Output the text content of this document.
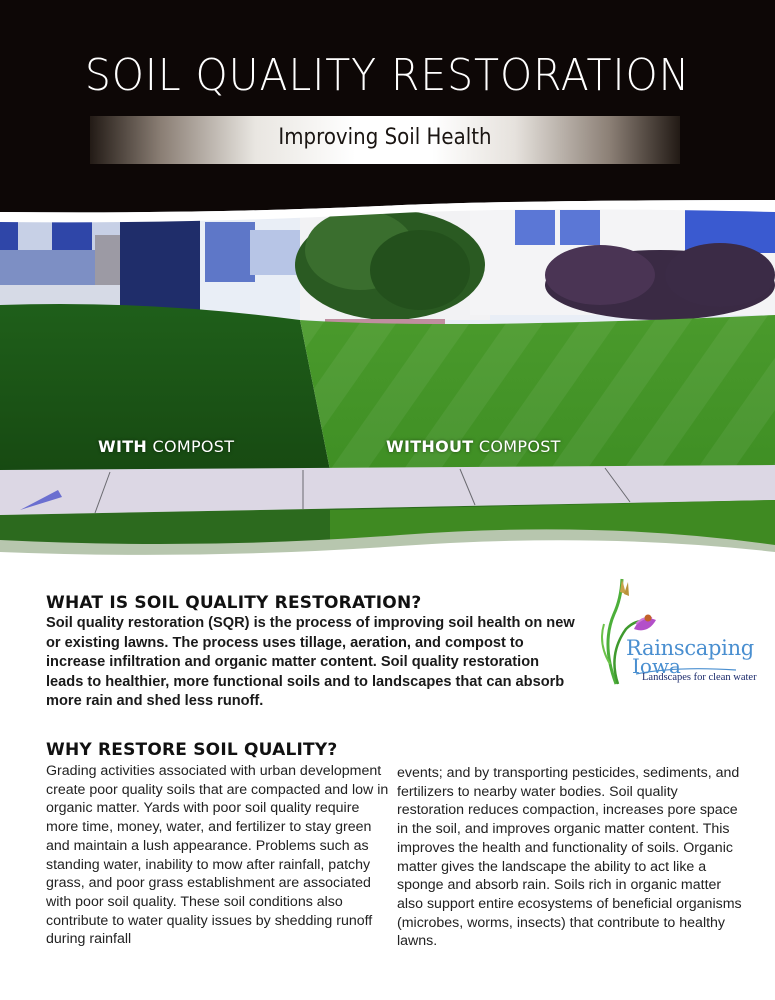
SOIL QUALITY RESTORATION
Improving Soil Health
WITH COMPOST	WITHOUT COMPOST
WHAT IS SOIL QUALITY RESTORATION?
Soil quality restoration (SQR) is the process of improving soil health on new or existing lawns. The process uses tillage, aeration, and compost to increase infiltration and organic matter content. Soil quality restoration leads to healthier, more functional soils and to landscapes that can absorb more rain and shed less runoff.
Rainscaping
Iowa
Landscapes for clean water
WHY RESTORE SOIL QUALITY?
Grading activities associated with urban development create poor quality soils that are compacted and low in organic matter. Yards with poor soil quality require more time, money, water, and fertilizer to stay green and maintain a lush appearance. Problems such as standing water, inability to mow after rainfall, patchy grass, and poor grass establishment are associated with poor soil quality. These soil conditions also contribute to water quality issues by shedding runoff during rainfall
events; and by transporting pesticides, sediments, and fertilizers to nearby water bodies. Soil quality restoration reduces compaction, increases pore space in the soil, and improves organic matter content. This improves the health and functionality of soils. Organic matter gives the landscape the ability to act like a sponge and absorb rain. Soils rich in organic matter also support entire ecosystems of beneficial organisms (microbes, worms, insects) that contribute to healthy lawns.
